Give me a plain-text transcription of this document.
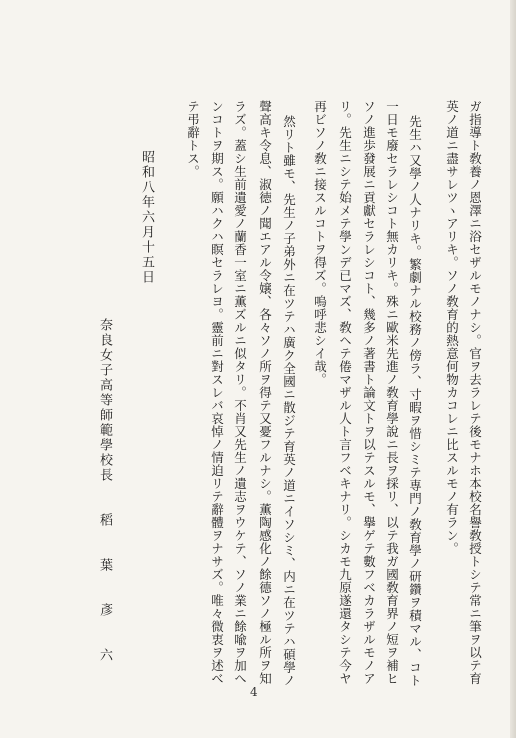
ガ指導ト敎養ノ恩澤ニ浴セザルモノナシ。官ヲ去ラレテ後モナホ本校名譽敎授トシテ常ニ筆ヲ以テ育
英ノ道ニ盡サレツヽアリキ。ソノ敎育的熱意何物カコレニ比スルモノ有ラン。
先生ハ又學ノ人ナリキ。繁劇ナル校務ノ傍ラ、寸暇ヲ惜シミテ専門ノ敎育學ノ研鑽ヲ積マル、コト
一日モ廢セラレシコト無カリキ。殊ニ歐米先進ノ敎育學說ニ長ヲ採リ、以テ我ガ國敎育界ノ短ヲ補ヒ
ソノ進歩發展ニ貢獻セラレシコト、幾多ノ著書ト論文トヲ以テスルモ、擧ゲテ數フベカラザルモノア
リ。先生ニシテ始メテ學ンデ已マズ、敎ヘテ倦マザル人ト言フベキナリ。シカモ九原遂還タシテ今ヤ
再ビソノ敎ニ接スルコトヲ得ズ。嗚呼悲シイ哉。
然リト雖モ、先生ノ子弟外ニ在ツテハ廣ク全國ニ散ジテ育英ノ道ニイソシミ、内ニ在ツテハ碩學ノ
聲高キ令息、淑徳ノ聞エアル令嬢、各々ソノ所ヲ得テ又憂フルナシ。薫陶感化ノ餘德ソノ極ル所ヲ知
ラズ。蓋シ生前遺愛ノ蘭香一室ニ薫ズルニ似タリ。不肖又先生ノ遺志ヲウケテ、ソノ業ニ餘喩ヲ加へ
ンコトヲ期ス。願ハクハ瞑セラレヨ。靈前ニ對スレバ哀悼ノ情迫リテ辭體ヲナサズ。唯々微衷ヲ述べ
テ弔辭トス。
昭和八年六月十五日
奈良女子高等師範學校長　　稻　　葉　　彥　　六
4
